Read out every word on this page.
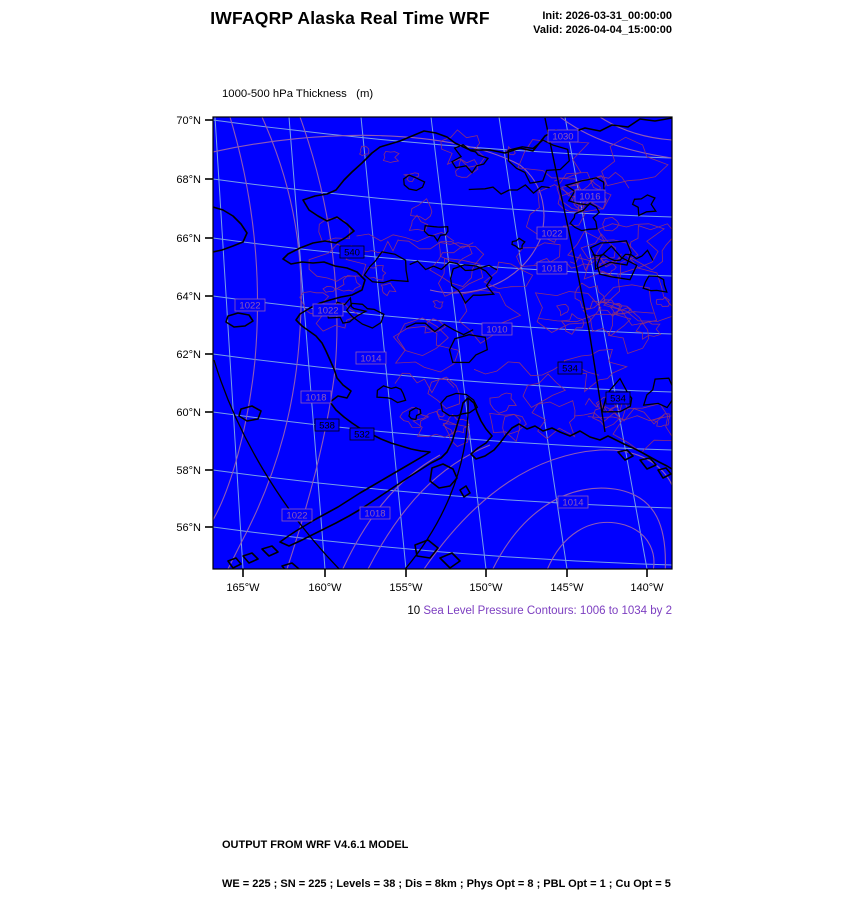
IWFAQRP Alaska Real Time WRF	Init: 2026-03-31_00:00:00
Valid: 2026-04-04_15:00:00

1000-500 hPa Thickness   (m)

70°N
68°N
66°N
64°N
62°N
60°N
58°N
56°N
165°W	160°W	155°W	150°W	145°W	140°W
1030
1016
1022
1018
1022	1022
1010
1014
1018
1014
1022	1018
540
534
534
538
532
10 Sea Level Pressure Contours: 1006 to 1034 by 2

OUTPUT FROM WRF V4.6.1 MODEL

WE = 225 ; SN = 225 ; Levels = 38 ; Dis = 8km ; Phys Opt = 8 ; PBL Opt = 1 ; Cu Opt = 5
